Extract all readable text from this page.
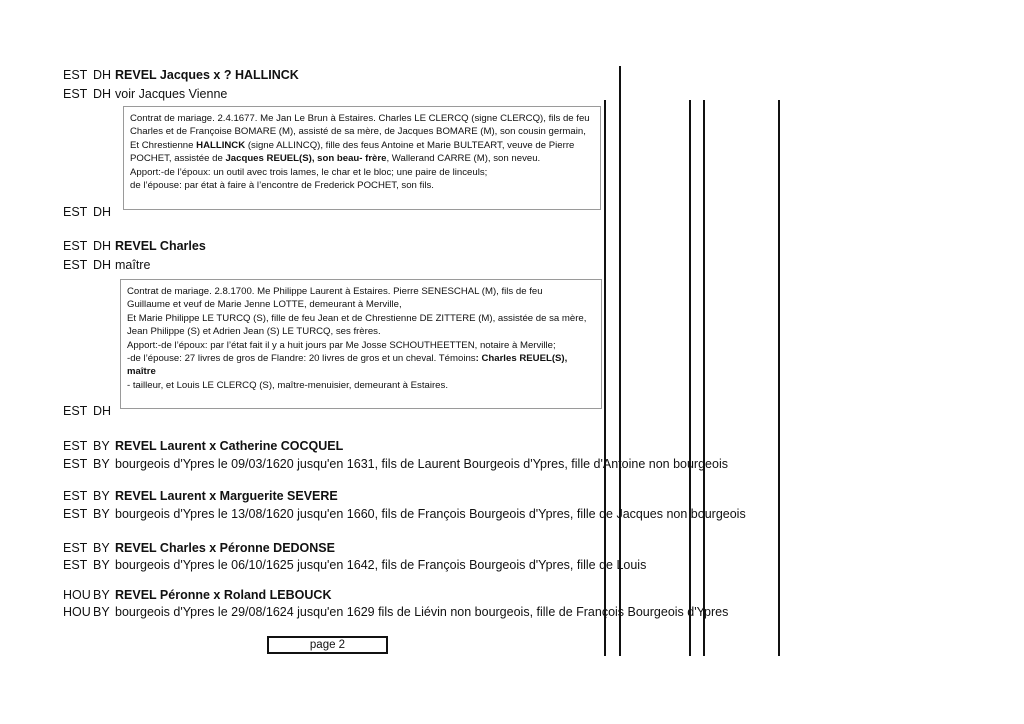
EST DH REVEL Jacques x ? HALLINCK
EST DH voir Jacques Vienne
EST DH
EST DH REVEL Charles
EST DH maître
EST DH
EST BY REVEL Laurent x Catherine COCQUEL
EST BY bourgeois d'Ypres le 09/03/1620 jusqu'en 1631, fils de Laurent Bourgeois d'Ypres, fille d'Antoine non bourgeois
EST BY REVEL Laurent x Marguerite SEVERE
EST BY bourgeois d'Ypres le 13/08/1620 jusqu'en 1660, fils de François Bourgeois d'Ypres, fille de Jacques non bourgeois
EST BY REVEL Charles x Péronne DEDONSE
EST BY bourgeois d'Ypres le 06/10/1625 jusqu'en 1642, fils de François Bourgeois d'Ypres, fille de Louis
HOU BY REVEL Péronne x Roland LEBOUCK
HOU BY bourgeois d'Ypres le 29/08/1624 jusqu'en 1629 fils de Liévin non bourgeois, fille de François Bourgeois d'Ypres
Contrat de mariage. 2.4.1677. Me Jan Le Brun à Estaires. Charles LE CLERCQ (signe CLERCQ), fils de feu
Charles et de Françoise BOMARE (M), assisté de sa mère, de Jacques BOMARE (M), son cousin germain,
Et Chrestienne HALLINCK (signe ALLINCQ), fille des feus Antoine et Marie BULTEART, veuve de Pierre
POCHET, assistée de Jacques REUEL(S), son beau- frère, Wallerand CARRE (M), son neveu.
Apport:-de l’époux: un outil avec trois lames, le char et le bloc; une paire de linceuls;
de l’épouse: par état à faire à l’encontre de Frederick POCHET, son fils.
Contrat de mariage. 2.8.1700. Me Philippe Laurent à Estaires. Pierre SENESCHAL (M), fils de feu
Guillaume et veuf de Marie Jenne LOTTE, demeurant à Merville,
Et Marie Philippe LE TURCQ (S), fille de feu Jean et de Chrestienne DE ZITTERE (M), assistée de sa mère,
Jean Philippe (S) et Adrien Jean (S) LE TURCQ, ses frères.
Apport:-de l’époux: par l’état fait il y a huit jours par Me Josse SCHOUTHEETTEN, notaire à Merville;
-de l’épouse: 27 livres de gros de Flandre: 20 livres de gros et un cheval. Témoins: Charles REUEL(S),
maître
- tailleur, et Louis LE CLERCQ (S), maître-menuisier, demeurant à Estaires.
page 2
